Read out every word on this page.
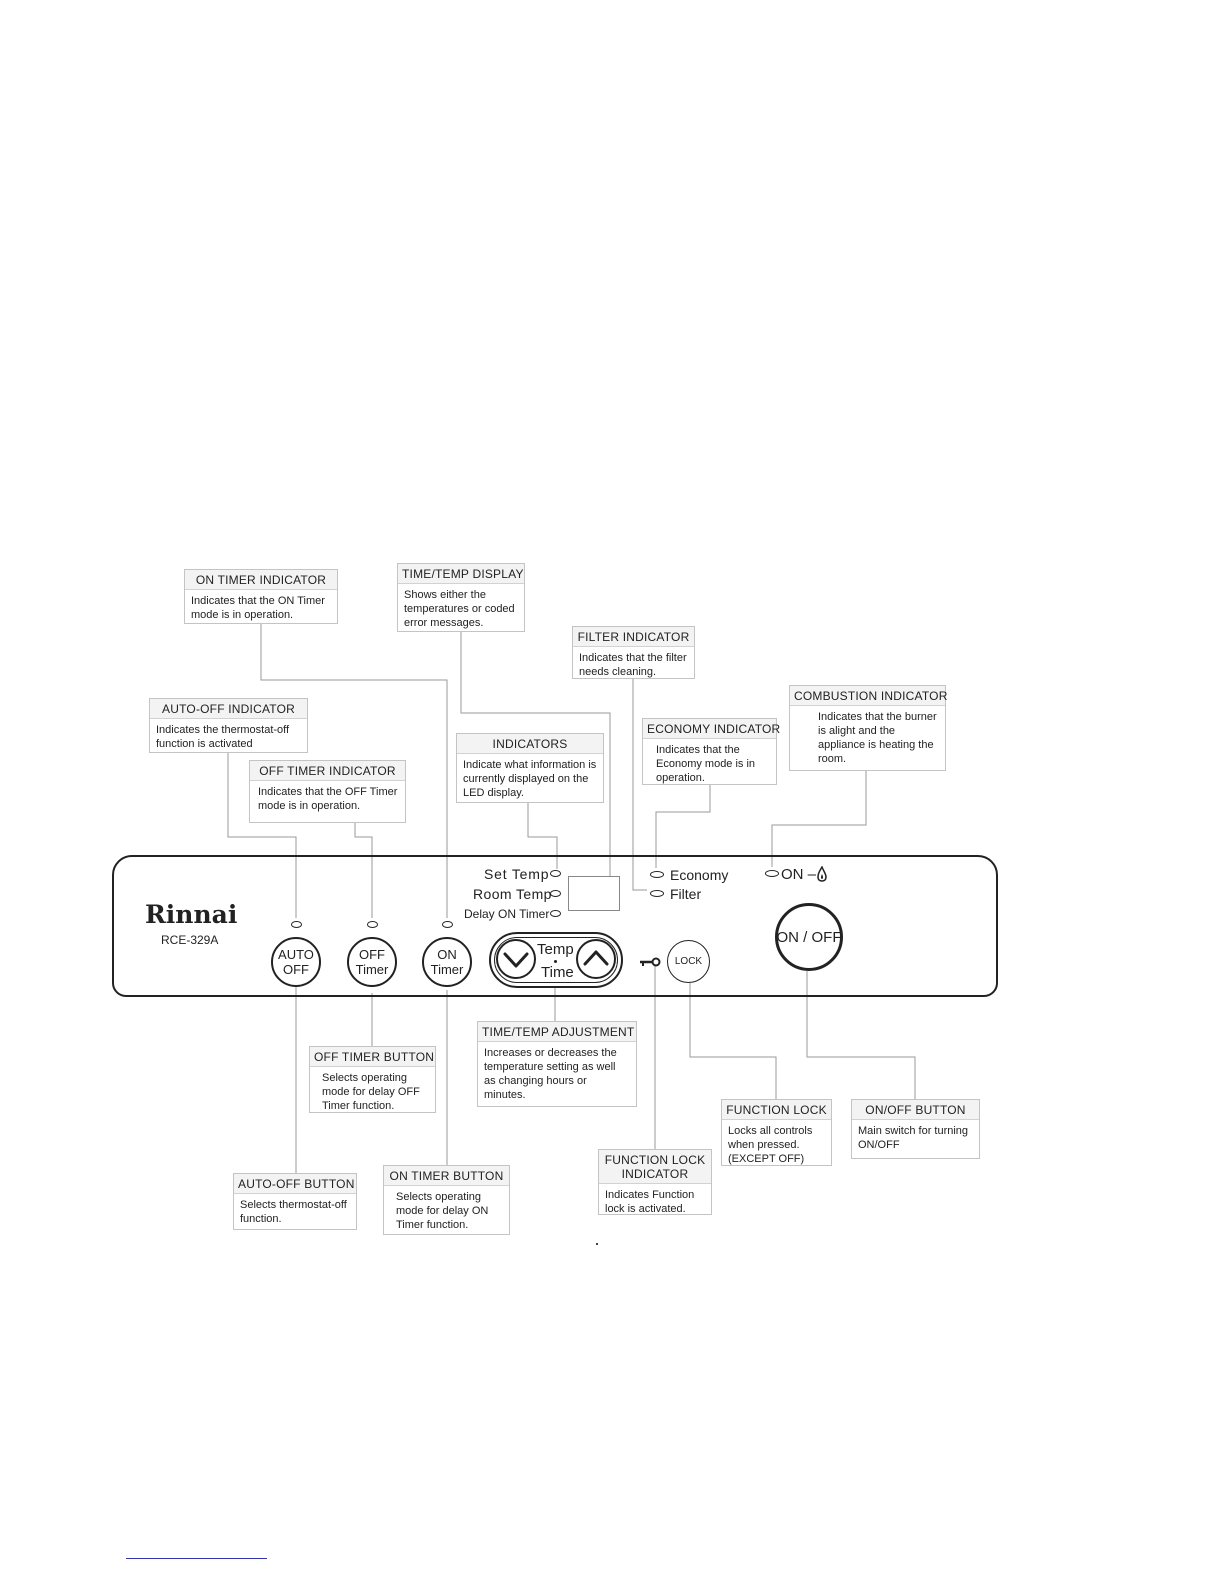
ON TIMER INDICATOR
Indicates that the ON Timer mode is in operation.
TIME/TEMP DISPLAY
Shows either the temperatures or coded error messages.
FILTER INDICATOR
Indicates that the filter needs cleaning.
COMBUSTION INDICATOR
Indicates that the burner is alight and the appliance is heating the room.
AUTO-OFF INDICATOR
Indicates the thermostat-off function is activated	INDICATORS
Indicate what information is currently displayed on the LED display.
ECONOMY INDICATOR
Indicates that the Economy mode is in operation.
OFF TIMER INDICATOR
Indicates that the OFF Timer mode is in operation.
TIME/TEMP ADJUSTMENT
Increases or decreases the temperature setting as well as changing hours or minutes.
OFF TIMER BUTTON
Selects operating mode for delay OFF Timer function.	FUNCTION LOCK
Locks all controls when pressed. (EXCEPT OFF)
ON/OFF BUTTON
Main switch for turning ON/OFF
FUNCTION LOCK INDICATOR
Indicates Function lock is activated.
AUTO-OFF BUTTON
Selects thermostat-off function.
ON TIMER BUTTON
Selects operating mode for delay ON Timer function.
Rinnai
RCE-329A
AUTO
OFF
OFF
Timer
ON
Timer
Set Temp
Room Temp
Delay ON Timer
Economy
Filter
ON –
Temp
Time
LOCK
ON / OFF
